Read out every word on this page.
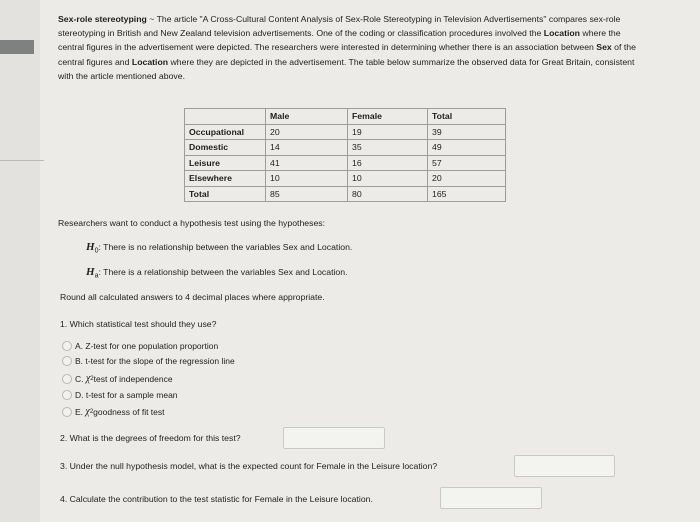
Sex-role stereotyping ~ The article "A Cross-Cultural Content Analysis of Sex-Role Stereotyping in Television Advertisements" compares sex-role stereotyping in British and New Zealand television advertisements. One of the coding or classification procedures involved the Location where the central figures in the advertisement were depicted. The researchers were interested in determining whether there is an association between Sex of the central figures and Location where they are depicted in the advertisement. The table below summarize the observed data for Great Britain, consistent with the article mentioned above.
	Male	Female	Total
Occupational	20	19	39
Domestic	14	35	49
Leisure	41	16	57
Elsewhere	10	10	20
Total	85	80	165
Researchers want to conduct a hypothesis test using the hypotheses:
$H_0$: There is no relationship between the variables Sex and Location.
$H_a$: There is a relationship between the variables Sex and Location.
Round all calculated answers to 4 decimal places where appropriate.
1. Which statistical test should they use?
A.
Z-test for one population proportion
B.
t-test for the slope of the regression line
C.
χ 2 test of independence
D.
t-test for a sample mean
E.
χ 2 goodness of fit test
2. What is the degrees of freedom for this test?
3. Under the null hypothesis model, what is the expected count for Female in the Leisure location?
4. Calculate the contribution to the test statistic for Female in the Leisure location.
